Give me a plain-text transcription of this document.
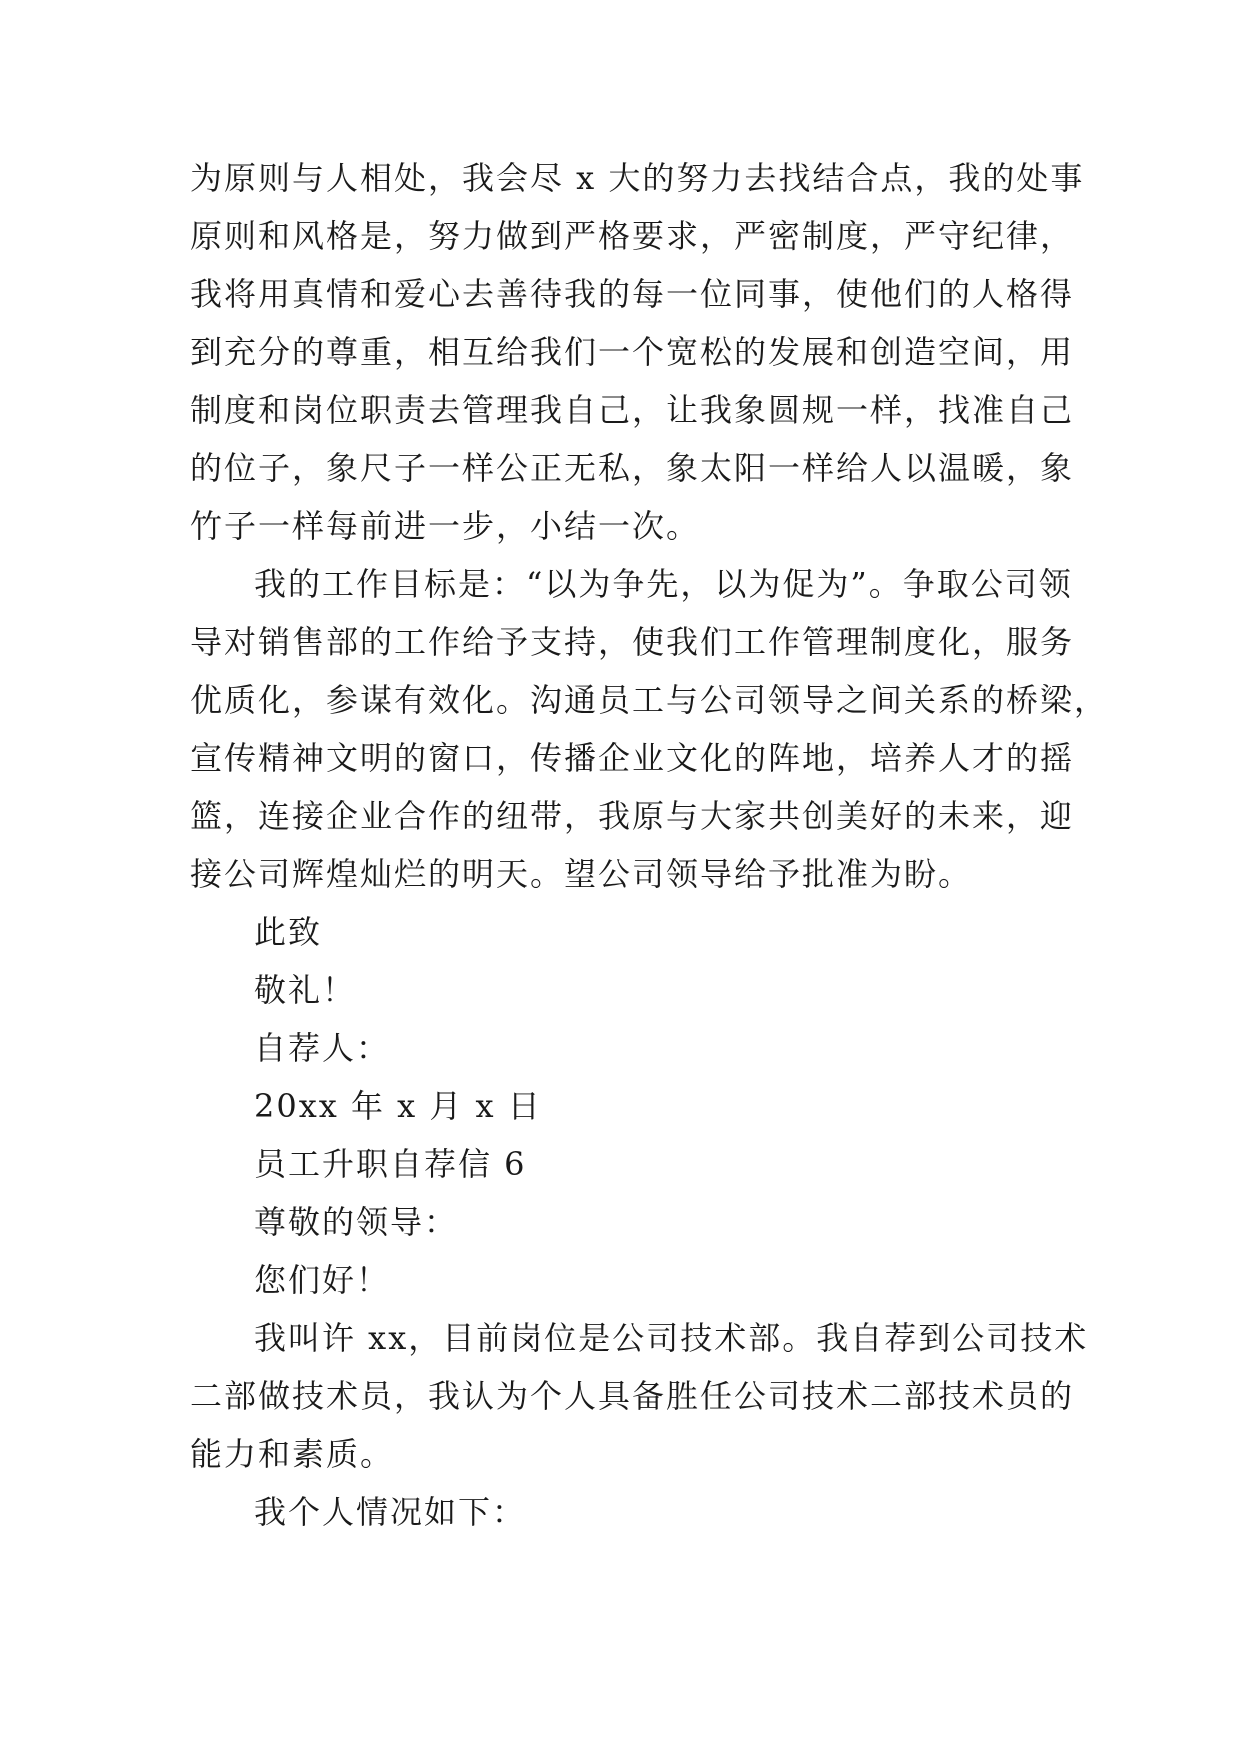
为原则与人相处，我会尽 x 大的努力去找结合点，我的处事
原则和风格是，努力做到严格要求，严密制度，严守纪律，
我将用真情和爱心去善待我的每一位同事，使他们的人格得
到充分的尊重，相互给我们一个宽松的发展和创造空间，用
制度和岗位职责去管理我自己，让我象圆规一样，找准自己
的位子，象尺子一样公正无私，象太阳一样给人以温暖，象
竹子一样每前进一步，小结一次。
我的工作目标是：“以为争先，以为促为”。争取公司领
导对销售部的工作给予支持，使我们工作管理制度化，服务
优质化，参谋有效化。沟通员工与公司领导之间关系的桥梁，
宣传精神文明的窗口，传播企业文化的阵地，培养人才的摇
篮，连接企业合作的纽带，我原与大家共创美好的未来，迎
接公司辉煌灿烂的明天。望公司领导给予批准为盼。
此致
敬礼！
自荐人：
20xx 年 x 月 x 日
员工升职自荐信 6
尊敬的领导：
您们好！
我叫许 xx，目前岗位是公司技术部。我自荐到公司技术
二部做技术员，我认为个人具备胜任公司技术二部技术员的
能力和素质。
我个人情况如下：
